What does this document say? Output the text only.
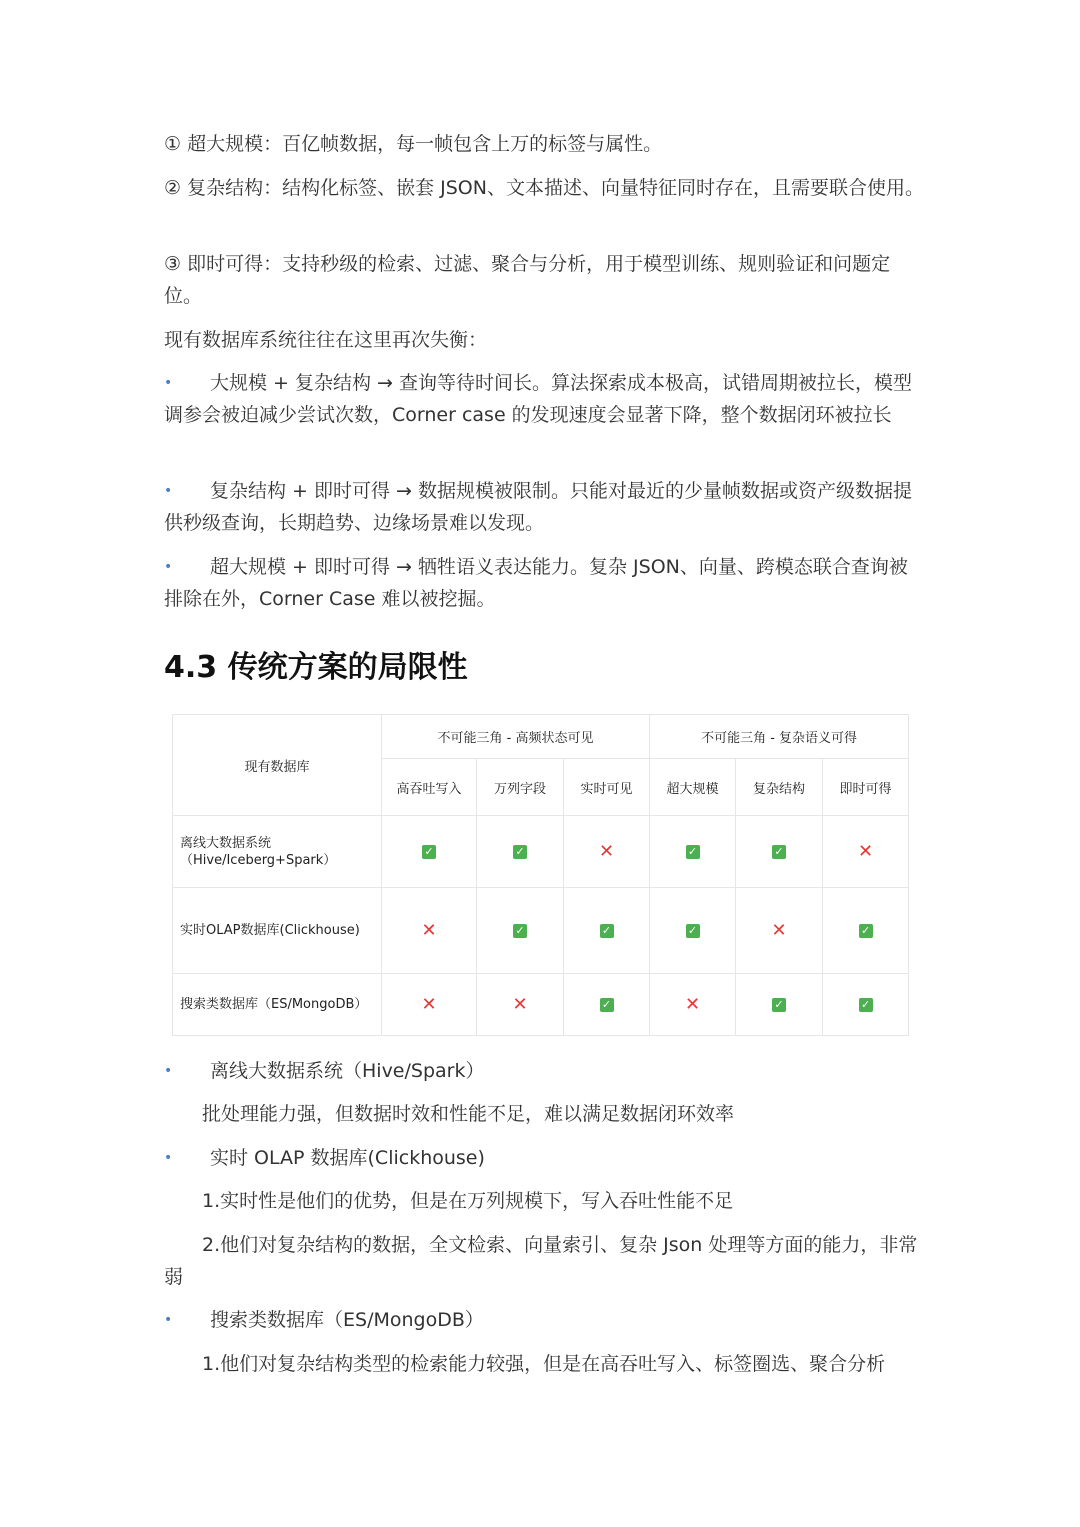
① 超大规模：百亿帧数据，每一帧包含上万的标签与属性。

② 复杂结构：结构化标签、嵌套 JSON、文本描述、向量特征同时存在，且需要联合使用。

③ 即时可得：支持秒级的检索、过滤、聚合与分析，用于模型训练、规则验证和问题定位。

现有数据库系统往往在这里再次失衡：

•	大规模 + 复杂结构 → 查询等待时间长。算法探索成本极高，试错周期被拉长，模型调参会被迫减少尝试次数，Corner case 的发现速度会显著下降，整个数据闭环被拉长
•	复杂结构 + 即时可得 → 数据规模被限制。只能对最近的少量帧数据或资产级数据提供秒级查询，长期趋势、边缘场景难以发现。
•	超大规模 + 即时可得 → 牺牲语义表达能力。复杂 JSON、向量、跨模态联合查询被排除在外，Corner Case 难以被挖掘。
4.3 传统方案的局限性
现有数据库	不可能三角 - 高频状态可见			不可能三角 - 复杂语义可得		
	高吞吐写入	万列字段	实时可见	超大规模	复杂结构	即时可得
离线大数据系统
（Hive/Iceberg+Spark）	✓	✓	✕	✓	✓	✕
实时OLAP数据库(Clickhouse)	✕	✓	✓	✓	✕	✓
搜索类数据库（ES/MongoDB）	✕	✕	✓	✕	✓	✓
•	离线大数据系统（Hive/Spark）

批处理能力强，但数据时效和性能不足，难以满足数据闭环效率

•	实时 OLAP 数据库(Clickhouse)

1.实时性是他们的优势，但是在万列规模下，写入吞吐性能不足

2.他们对复杂结构的数据，全文检索、向量索引、复杂 Json 处理等方面的能力，非常弱

•	搜索类数据库（ES/MongoDB）

1.他们对复杂结构类型的检索能力较强，但是在高吞吐写入、标签圈选、聚合分析
